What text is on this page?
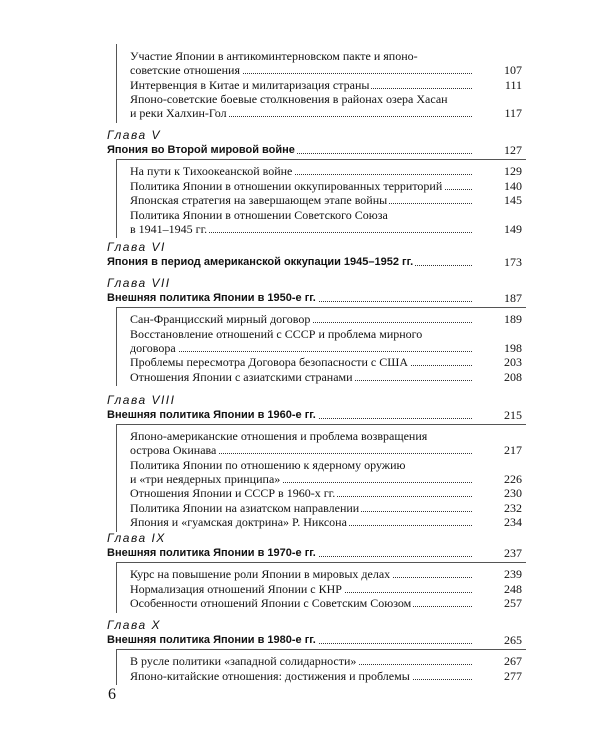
Участие Японии в антикоминтерновском пакте и японо-
советские отношения	107
Интервенция в Китае и милитаризация страны	111
Японо-советские боевые столкновения в районах озера Хасан
и реки Халхин-Гол	117
Глава V
Япония во Второй мировой войне	127
На пути к Тихоокеанской войне	129
Политика Японии в отношении оккупированных территорий	140
Японская стратегия на завершающем этапе войны	145
Политика Японии в отношении Советского Союза
в 1941–1945 гг.	149
Глава VI
Япония в период американской оккупации 1945–1952 гг.	173
Глава VII
Внешняя политика Японии в 1950-е гг.	187
Сан-Францисский мирный договор	189
Восстановление отношений с СССР и проблема мирного
договора	198
Проблемы пересмотра Договора безопасности с США	203
Отношения Японии с азиатскими странами	208
Глава VIII
Внешняя политика Японии в 1960-е гг.	215
Японо-американские отношения и проблема возвращения
острова Окинава	217
Политика Японии по отношению к ядерному оружию
и «три неядерных принципа»	226
Отношения Японии и СССР в 1960-х гг.	230
Политика Японии на азиатском направлении	232
Япония и «гуамская доктрина» Р. Никсона	234
Глава IX
Внешняя политика Японии в 1970-е гг.	237
Курс на повышение роли Японии в мировых делах	239
Нормализация отношений Японии с КНР	248
Особенности отношений Японии с Советским Союзом	257
Глава X
Внешняя политика Японии в 1980-е гг.	265
В русле политики «западной солидарности»	267
Японо-китайские отношения: достижения и проблемы	277
6
